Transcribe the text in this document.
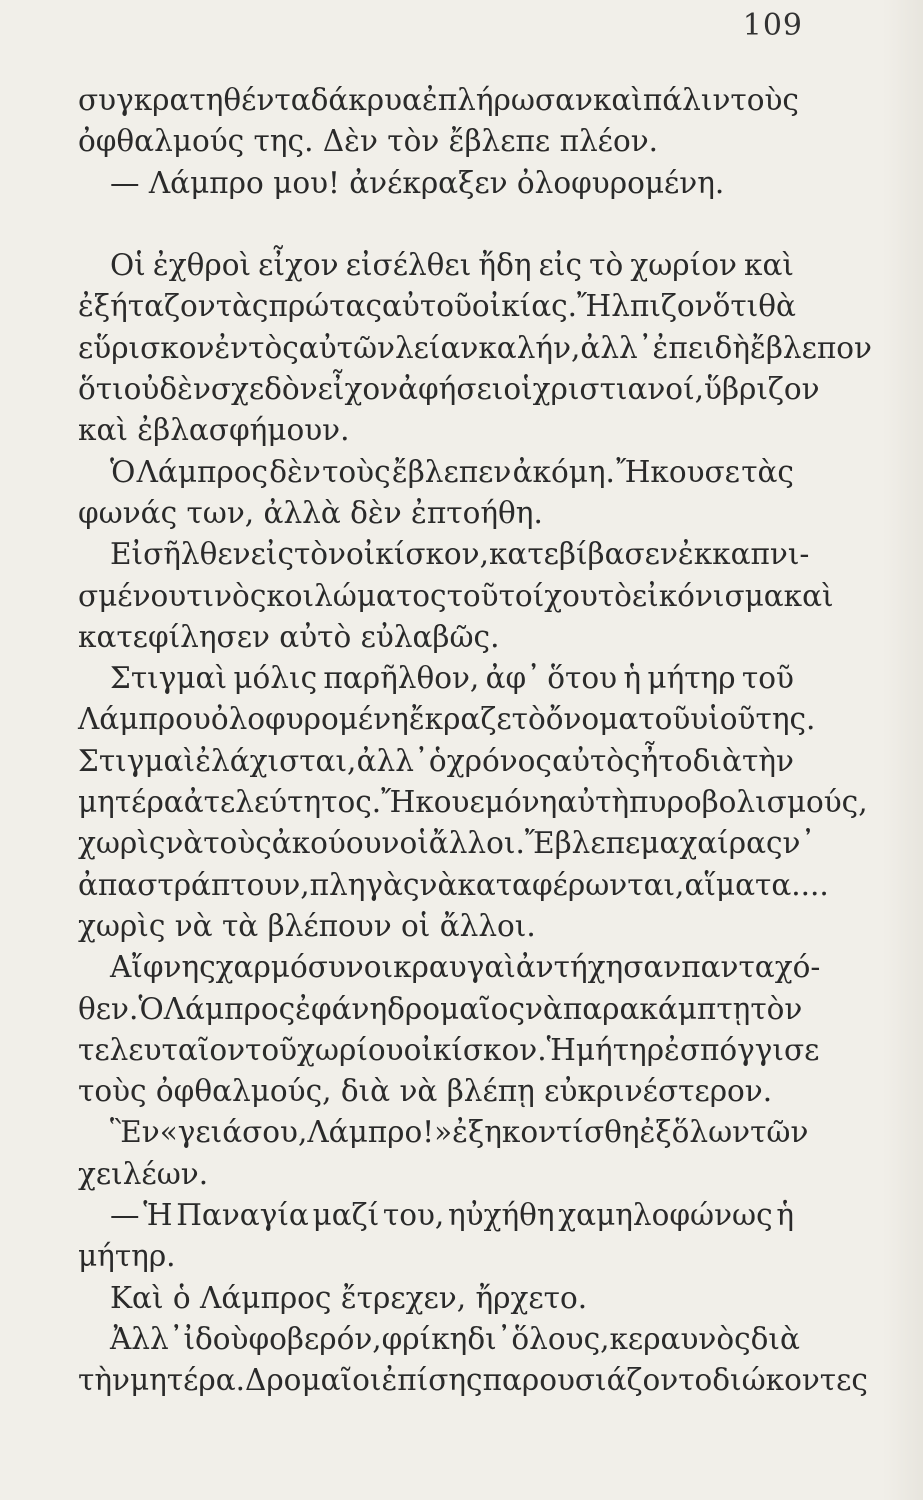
109
συγκρατηθέντα δάκρυα ἐπλήρωσαν καὶ πάλιν τοὺς
ὀφθαλμούς της. Δὲν τὸν ἔβλεπε πλέον.
— Λάμπρο μου! ἀνέκραξεν ὀλοφυρομένη.
Οἱ ἐχθροὶ εἶχον εἰσέλθει ἤδη εἰς τὸ χωρίον καὶ
ἐξήταζον τὰς πρώτας αὐτοῦ οἰκίας. Ἤλπιζον ὅτι θὰ
εὕρισκον ἐντὸς αὐτῶν λείαν καλήν, ἀλλ᾽ ἐπειδὴ ἔβλεπον
ὅτι οὐδὲν σχεδὸν εἶχον ἀφήσει οἱ χριστιανοί, ὕβριζον
καὶ ἐβλασφήμουν.
Ὁ Λάμπρος δὲν τοὺς ἔβλεπεν ἀκόμη. Ἤκουσε τὰς
φωνάς των, ἀλλὰ δὲν ἐπτοήθη.
Εἰσῆλθεν εἰς τὸν οἰκίσκον, κατεβίβασεν ἐκ καπνι-
σμένου τινὸς κοιλώματος τοῦ τοίχου τὸ εἰκόνισμα καὶ
κατεφίλησεν αὐτὸ εὐλαβῶς.
Στιγμαὶ μόλις παρῆλθον, ἀφ᾽ ὅτου ἡ μήτηρ τοῦ
Λάμπρου ὀλοφυρομένη ἔκραζε τὸ ὄνομα τοῦ υἱοῦ της.
Στιγμαὶ ἐλάχισται, ἀλλ᾽ ὁ χρόνος αὐτὸς ἦτο διὰ τὴν
μητέρα ἀτελεύτητος. Ἤκουε μόνη αὐτὴ πυροβολισμούς,
χωρὶς νὰ τοὺς ἀκούουν οἱ ἄλλοι. Ἔβλεπε μαχαίρας ν᾽
ἀπαστράπτουν, πληγὰς νὰ καταφέρωνται, αἵματα....
χωρὶς νὰ τὰ βλέπουν οἱ ἄλλοι.
Αἴφνης χαρμόσυνοι κραυγαὶ ἀντήχησαν πανταχό-
θεν. Ὁ Λάμπρος ἐφάνη δρομαῖος νὰ παρακάμπτῃ τὸν
τελευταῖον τοῦ χωρίου οἰκίσκον. Ἡ μήτηρ ἐσπόγγισε
τοὺς ὀφθαλμούς, διὰ νὰ βλέπῃ εὐκρινέστερον.
Ἓν «γειά σου, Λάμπρο!» ἐξηκοντίσθη ἐξ ὅλων τῶν
χειλέων.
— Ἡ Παναγία μαζί του, ηὐχήθη χαμηλοφώνως ἡ
μήτηρ.
Καὶ ὁ Λάμπρος ἔτρεχεν, ἤρχετο.
Ἀλλ᾽ ἰδοὺ φοβερόν, φρίκη δι᾽ ὅλους, κεραυνὸς διὰ
τὴν μητέρα. Δρομαῖοι ἐπίσης παρουσιάζοντο διώκοντες
